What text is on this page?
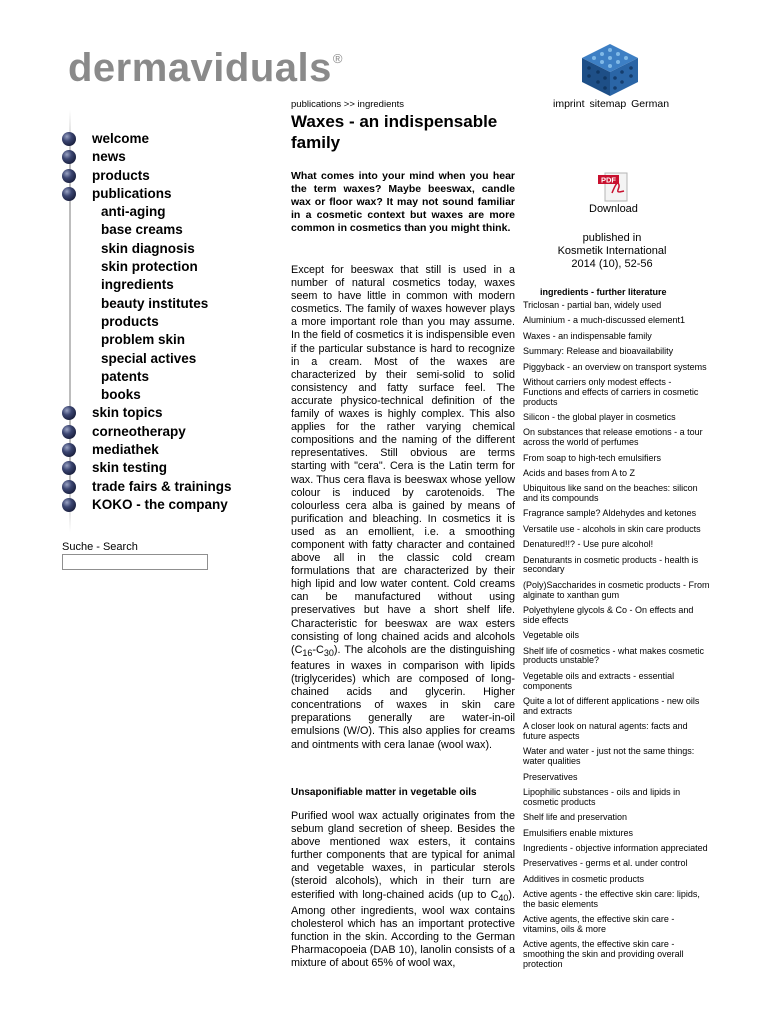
dermaviduals®
imprint sitemap German
welcome
news
products
publications
anti-aging
base creams
skin diagnosis
skin protection
ingredients
beauty institutes
products
problem skin
special actives
patents
books
skin topics
corneotherapy
mediathek
skin testing
trade fairs & trainings
KOKO - the company
Suche - Search
publications >> ingredients
Waxes - an indispensable family

What comes into your mind when you hear the term waxes? Maybe beeswax, candle wax or floor wax? It may not sound familiar in a cosmetic context but waxes are more common in cosmetics than you might think.

Except for beeswax that still is used in a number of natural cosmetics today, waxes seem to have little in common with modern cosmetics. The family of waxes however plays a more important role than you may assume. In the field of cosmetics it is indispensible even if the particular substance is hard to recognize in a cream. Most of the waxes are characterized by their semi-solid to solid consistency and fatty surface feel. The accurate physico-technical definition of the family of waxes is highly complex. This also applies for the rather varying chemical compositions and the naming of the different representatives. Still obvious are terms starting with "cera". Cera is the Latin term for wax. Thus cera flava is beeswax whose yellow colour is induced by carotenoids. The colourless cera alba is gained by means of purification and bleaching. In cosmetics it is used as an emollient, i.e. a smoothing component with fatty character and contained above all in the classic cold cream formulations that are characterized by their high lipid and low water content. Cold creams can be manufactured without using preservatives but have a short shelf life. Characteristic for beeswax are wax esters consisting of long chained acids and alcohols $(C_{16}-C_{30})$. The alcohols are the distinguishing features in waxes in comparison with lipids (triglycerides) which are composed of long-chained acids and glycerin. Higher concentrations of waxes in skin care preparations generally are water-in-oil emulsions (W/O). This also applies for creams and ointments with cera lanae (wool wax).

Unsaponifiable matter in vegetable oils

Purified wool wax actually originates from the sebum gland secretion of sheep. Besides the above mentioned wax esters, it contains further components that are typical for animal and vegetable waxes, in particular sterols (steroid alcohols), which in their turn are esterified with long-chained acids (up to $C_{40}$). Among other ingredients, wool wax contains cholesterol which has an important protective function in the skin. According to the German Pharmacopoeia (DAB 10), lanolin consists of a mixture of about 65% of wool wax,

PDF
Download
published in
Kosmetik International
2014 (10), 52-56
ingredients - further literature
Triclosan - partial ban, widely used
Aluminium - a much-discussed element1
Waxes - an indispensable family
Summary: Release and bioavailability
Piggyback - an overview on transport systems
Without carriers only modest effects - Functions and effects of carriers in cosmetic products
Silicon - the global player in cosmetics
On substances that release emotions - a tour across the world of perfumes
From soap to high-tech emulsifiers
Acids and bases from A to Z
Ubiquitous like sand on the beaches: silicon and its compounds
Fragrance sample? Aldehydes and ketones
Versatile use - alcohols in skin care products
Denatured!!? - Use pure alcohol!
Denaturants in cosmetic products - health is secondary
(Poly)Saccharides in cosmetic products - From alginate to xanthan gum
Polyethylene glycols & Co - On effects and side effects
Vegetable oils
Shelf life of cosmetics - what makes cosmetic products unstable?
Vegetable oils and extracts - essential components
Quite a lot of different applications - new oils and extracts
A closer look on natural agents: facts and future aspects
Water and water - just not the same things: water qualities
Preservatives
Lipophilic substances - oils and lipids in cosmetic products
Shelf life and preservation
Emulsifiers enable mixtures
Ingredients - objective information appreciated
Preservatives - germs et al. under control
Additives in cosmetic products
Active agents - the effective skin care: lipids, the basic elements
Active agents, the effective skin care - vitamins, oils & more
Active agents, the effective skin care - smoothing the skin and providing overall protection
